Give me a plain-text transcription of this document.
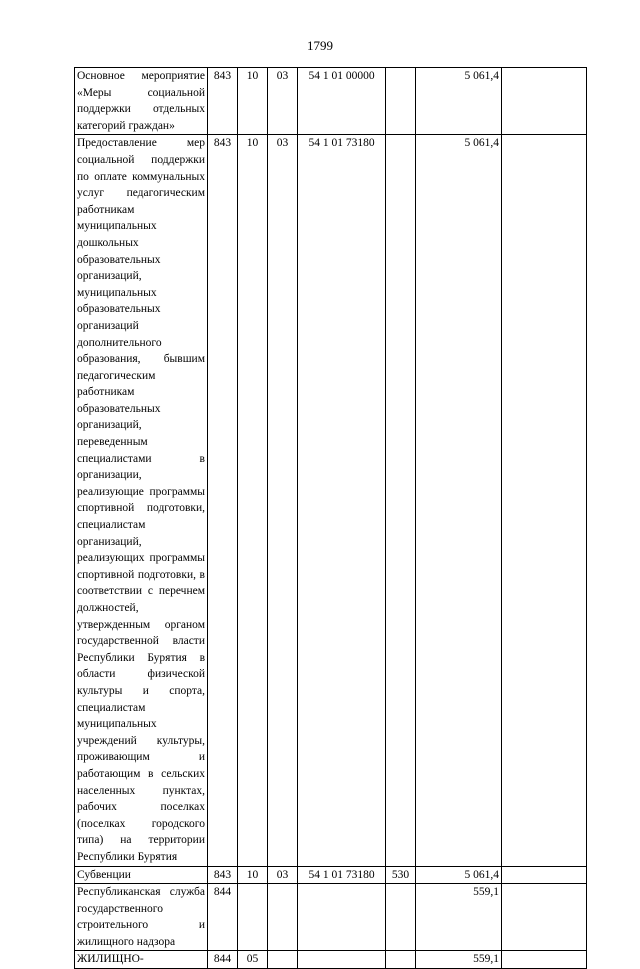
1799
Основное мероприятие «Меры социальной поддержки отдельных категорий граждан»	843	10	03	54 1 01 00000		5 061,4	
Предоставление мер социальной поддержки по оплате коммунальных услуг педагогическим работникам муниципальных дошкольных образовательных организаций, муниципальных образовательных организаций дополнительного образования, бывшим педагогическим работникам образовательных организаций, переведенным специалистами в организации, реализующие программы спортивной подготовки, специалистам организаций, реализующих программы спортивной подготовки, в соответствии с перечнем должностей, утвержденным органом государственной власти Республики Бурятия в области физической культуры и спорта, специалистам муниципальных учреждений культуры, проживающим и работающим в сельских населенных пунктах, рабочих поселках (поселках городского типа) на территории Республики Бурятия	843	10	03	54 1 01 73180		5 061,4	
Субвенции	843	10	03	54 1 01 73180	530	5 061,4	
Республиканская служба государственного строительного и жилищного надзора	844					559,1	
ЖИЛИЩНО-	844	05				559,1	
